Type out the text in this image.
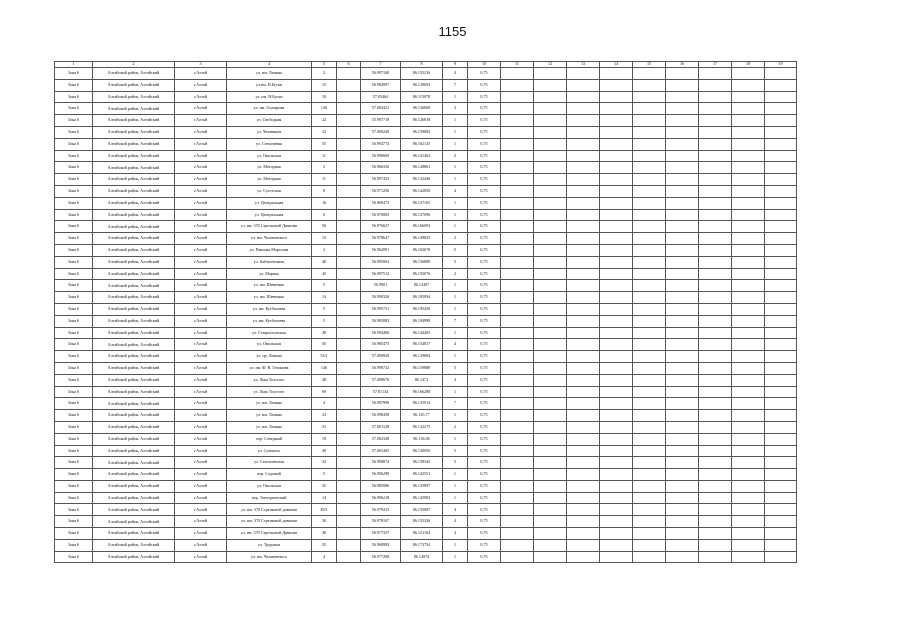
1155
1	2	3	4	5	6	7	8	9	10	11	12	13	14	15	16	17	18	19
Зона 6	Алтайский район, Алтайский	г.Алтай	ул. им. Ленина	2		56.997168	86.155216	4	0,75									
Зона 6	Алтайский район, Алтайский	г.Алтай	ул.им. Н.Буски	15		56.994997	86.128693	7	0,75									
Зона 6	Алтайский район, Алтайский	г.Алтай	ул. им. Н.Буски	10		57.05464	86.115078	1	0,75									
Зона 6	Алтайский район, Алтайский	г.Алтай	ул. им. Гончарова	126		57.002421	86.126068	3	0,75									
Зона 6	Алтайский район, Алтайский	г.Алтай	ул. Свободная	22		55.997718	86.126818	1	0,75									
Зона 6	Алтайский район, Алтайский	г.Алтай	ул. Чехавицев	23		57.000240	86.159082	1	0,75									
Зона 6	Алтайский район, Алтайский	г.Алтай	ул. Степичевая	55		56.994774	86.162135	1	0,75									
Зона 6	Алтайский район, Алтайский	г.Алтай	ул. Овальская	11		56.990669	86.141462	2	0,75									
Зона 6	Алтайский район, Алтайский	г.Алтай	ул. Моторная	2		56.966336	86.128861	1	0,75									
Зона 6	Алтайский район, Алтайский	г.Алтай	ул. Моторная	11		56.997433	86.132446	1	0,75									
Зона 6	Алтайский район, Алтайский	г.Алтай	ул. Суготская	8		56.971256	86.142050	4	0,75									
Зона 6	Алтайский район, Алтайский	г.Алтай	ул. Центральная	16		56.969473	86.137165	1	0,75									
Зона 6	Алтайский район, Алтайский	г.Алтай	ул. Центральная	6		56.970082	86.137096	1	0,75									
Зона 6	Алтайский район, Алтайский	г.Алтай	ул. им. 370 Стрелковой Дивизии	56		56.976637	86.166093	1	0,75									
Зона 6	Алтайский район, Алтайский	г.Алтай	ул. им. Чехавевского	15		56.978647	86.149825	2	0,75									
Зона 6	Алтайский район, Алтайский	г.Алтай	ул. Павлика Морозова	2		56.962091	86.163678	5	0,75									
Зона 6	Алтайский район, Алтайский	г.Алтай	ул. Библиотечная	40		56.995063	86.156808	5	0,75									
Зона 6	Алтайский район, Алтайский	г.Алтай	ул. Марика	45		56.997512	86.155076	2	0,75									
Зона 6	Алтайский район, Алтайский	г.Алтай	ул. им. Шевченко	5		56.9901	86.13407	1	0,75									
Зона 6	Алтайский район, Алтайский	г.Алтай	ул. им. Шевченко	14		56.990326	86.185094	1	0,75									
Зона 6	Алтайский район, Алтайский	г.Алтай	ул. им. Кутбасиева	5		56.995721	86.195456	1	0,75									
Зона 6	Алтайский район, Алтайский	г.Алтай	ул. им. Кутбасиева	5		56.995083	86.194998	7	0,75									
Зона 6	Алтайский район, Алтайский	г.Алтай	ул. Ставропольская	48		56.994406	86.144405	1	0,75									
Зона 6	Алтайский район, Алтайский	г.Алтай	ул. Овальская	56		56.985475	86.154817	4	0,75									
Зона 6	Алтайский район, Алтайский	г.Алтай	ул. пр. Ленина	53/1		57.000920	86.129684	1	0,75									
Зона 6	Алтайский район, Алтайский	г.Алтай	ул. им. Ф. В. Гочинова	146		56.998732	86.159888	5	0,75									
Зона 6	Алтайский район, Алтайский	г.Алтай	ул. Льва Толстого	48		57.008676	86.1473	4	0,75									
Зона 6	Алтайский район, Алтайский	г.Алтай	ул. Льва Толстого	69		57.01134	86.166288	1	0,75									
Зона 6	Алтайский район, Алтайский	г.Алтай	ул. им. Ленина	4		56.997998	86.135914	7	0,75									
Зона 6	Алтайский район, Алтайский	г.Алтай	ул. им. Ленина	23		56.998458	86.145.77	1	0,75									
Зона 6	Алтайский район, Алтайский	г.Алтай	ул. им. Ленина	31		57.001128	86.122275	2	0,75									
Зона 6	Алтайский район, Алтайский	г.Алтай	пер. Северный	19		57.002348	86.136.06	1	0,75									
Зона 6	Алтайский район, Алтайский	г.Алтай	ул. Сулиного	49		57.001465	86.130056	5	0,75									
Зона 6	Алтайский район, Алтайский	г.Алтай	ул. Степичевская	32		56.998874	86.158345	5	0,75									
Зона 6	Алтайский район, Алтайский	г.Алтай	пер. Садовый	5		56.996298	86.142551	1	0,75									
Зона 6	Алтайский район, Алтайский	г.Алтай	ул. Овальская	35		56.985086	86.135897	1	0,75									
Зона 6	Алтайский район, Алтайский	г.Алтай	пер. Электрический	14		56.996218	86.145903	1	0,75									
Зона 6	Алтайский район, Алтайский	г.Алтай	ул. им. 370 Стрелковой дивизии	29/1		56.979415	86.155087	4	0,75									
Зона 6	Алтайский район, Алтайский	г.Алтай	ул. им. 370 Стрелковой дивизии	30		56.978167	86.155326	4	0,75									
Зона 6	Алтайский район, Алтайский	г.Алтай	ул. им. 370 Стрелковой Дивизии	40		56.977337	86.151164	4	0,75									
Зона 6	Алтайский район, Алтайский	г.Алтай	ул. Трудовая	55		56.968983	86.173754	1	0,75									
Зона 6	Алтайский район, Алтайский	г.Алтай	ул. им. Чехавевского	4		56.977208	86.14974	1	0,75									
